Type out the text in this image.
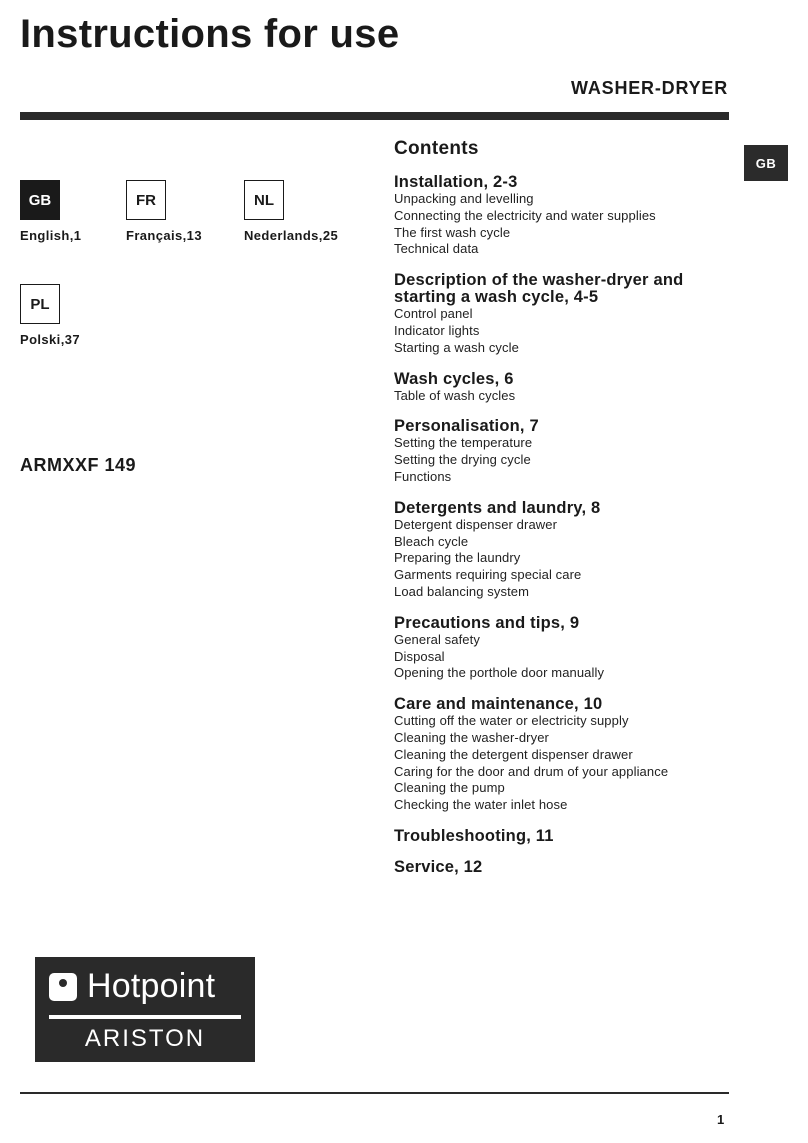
Instructions for use
WASHER-DRYER
GB
GB
English,1
FR
Français,13
NL
Nederlands,25
PL
Polski,37
ARMXXF 149
Contents
Installation, 2-3
Unpacking and levelling
Connecting the electricity and water supplies
The first wash cycle
Technical data
Description of the washer-dryer and starting a wash cycle, 4-5
Control panel
Indicator lights
Starting a wash cycle
Wash cycles, 6
Table of wash cycles
Personalisation, 7
Setting the temperature
Setting the drying cycle
Functions
Detergents and laundry, 8
Detergent dispenser drawer
Bleach cycle
Preparing the laundry
Garments requiring special care
Load balancing system
Precautions and tips, 9
General safety
Disposal
Opening the porthole door manually
Care and maintenance, 10
Cutting off the water or electricity supply
Cleaning the washer-dryer
Cleaning the detergent dispenser drawer
Caring for the door and drum of your appliance
Cleaning the pump
Checking the water inlet hose
Troubleshooting, 11
Service, 12
Hotpoint
ARISTON
1
